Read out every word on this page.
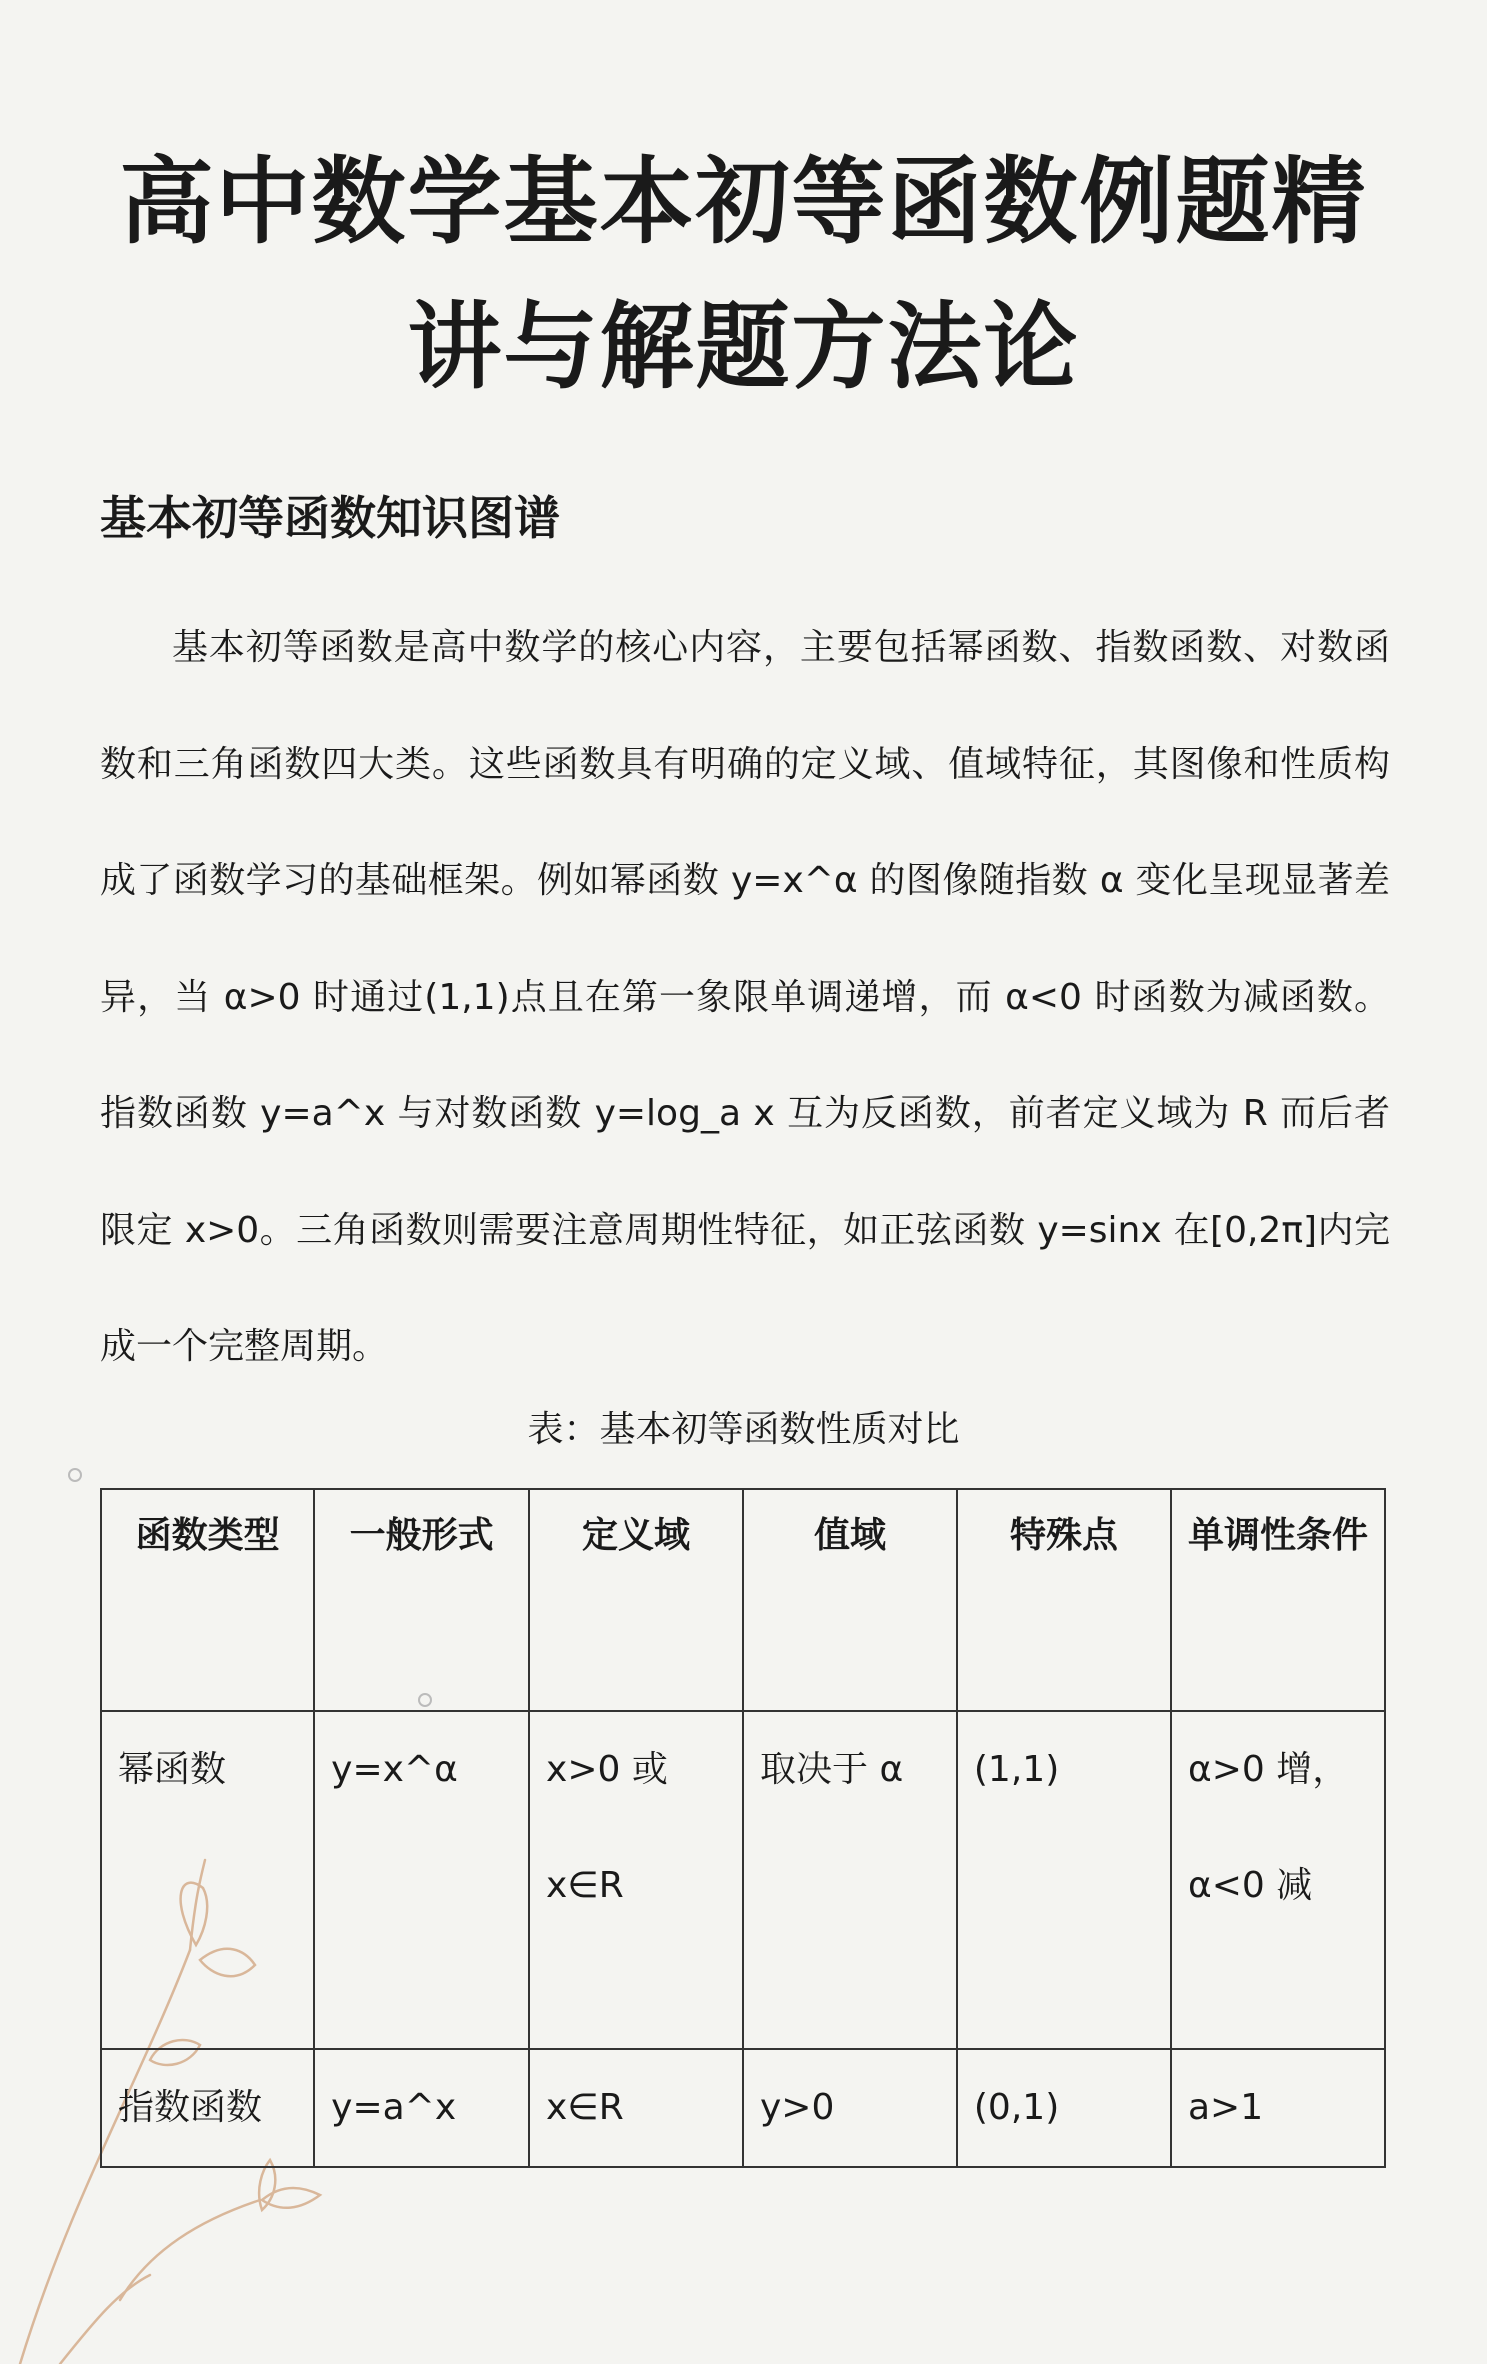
高中数学基本初等函数例题精讲与解题方法论
基本初等函数知识图谱

基本初等函数是高中数学的核心内容，主要包括幂函数、指数函数、对数函数和三角函数四大类。这些函数具有明确的定义域、值域特征，其图像和性质构成了函数学习的基础框架。例如幂函数 y=x^α 的图像随指数 α 变化呈现显著差异，当 α>0 时通过(1,1)点且在第一象限单调递增，而 α<0 时函数为减函数。指数函数 y=a^x 与对数函数 y=log_a x 互为反函数，前者定义域为 R 而后者限定 x>0。三角函数则需要注意周期性特征，如正弦函数 y=sinx 在[0,2π]内完成一个完整周期。

表：基本初等函数性质对比

函数类型	一般形式	定义域	值域	特殊点	单调性条件

幂函数	y=x^α	x>0 或 x∈R	取决于 α	(1,1)	α>0 增，α<0 减

指数函数	y=a^x	x∈R	y>0	(0,1)	a>1
